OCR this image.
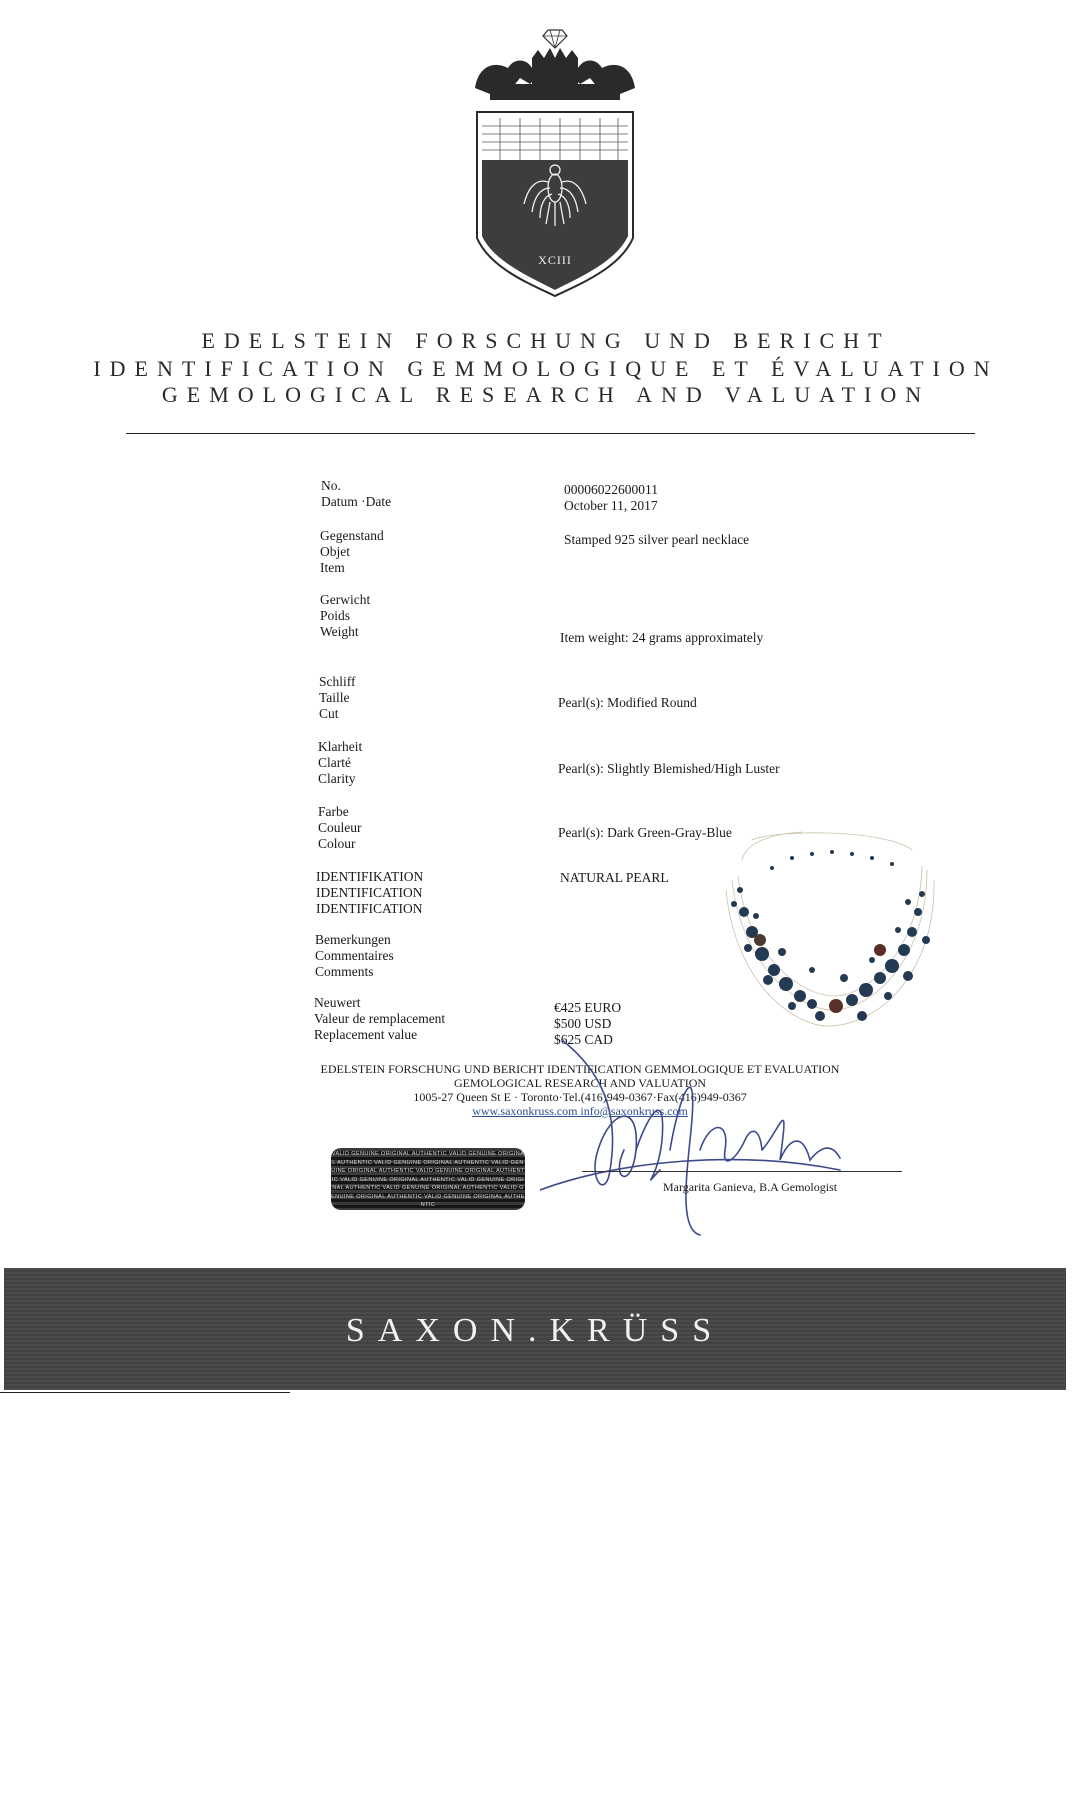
XCIII
EDELSTEIN FORSCHUNG UND BERICHT
IDENTIFICATION GEMMOLOGIQUE ET ÉVALUATION
GEMOLOGICAL RESEARCH AND VALUATION
No.
Datum ·Date
00006022600011
October 11, 2017
Gegenstand
Objet
Item
Stamped 925 silver pearl necklace
Gerwicht
Poids
Weight	Item weight: 24 grams approximately
Schliff
Taille
Cut
Pearl(s): Modified Round
Klarheit
Clarté
Clarity
Pearl(s): Slightly Blemished/High Luster
Farbe
Couleur
Colour
Pearl(s): Dark Green-Gray-Blue
IDENTIFIKATION
IDENTIFICATION
IDENTIFICATION
NATURAL PEARL
Bemerkungen
Commentaires
Comments
Neuwert
Valeur de remplacement
Replacement value
€425 EURO
$500 USD
$625 CAD
EDELSTEIN FORSCHUNG UND BERICHT IDENTIFICATION GEMMOLOGIQUE ET EVALUATION
GEMOLOGICAL RESEARCH AND VALUATION
1005-27 Queen St E · Toronto·Tel.(416)949-0367·Fax(416)949-0367
www.saxonkruss.com info@saxonkruss.com
VALID GENUINE ORIGINAL AUTHENTIC VALID GENUINE ORIGINAL AUTHENTIC VALID GENUINE ORIGINAL AUTHENTIC VALID GENUINE ORIGINAL AUTHENTIC VALID GENUINE ORIGINAL AUTHENTIC VALID GENUINE ORIGINAL AUTHENTIC VALID GENUINE ORIGINAL AUTHENTIC VALID GENUINE ORIGINAL AUTHENTIC VALID GENUINE ORIGINAL AUTHENTIC VALID GENUINE ORIGINAL AUTHENTIC
Margarita Ganieva, B.A Gemologist
SAXON.KRÜSS
